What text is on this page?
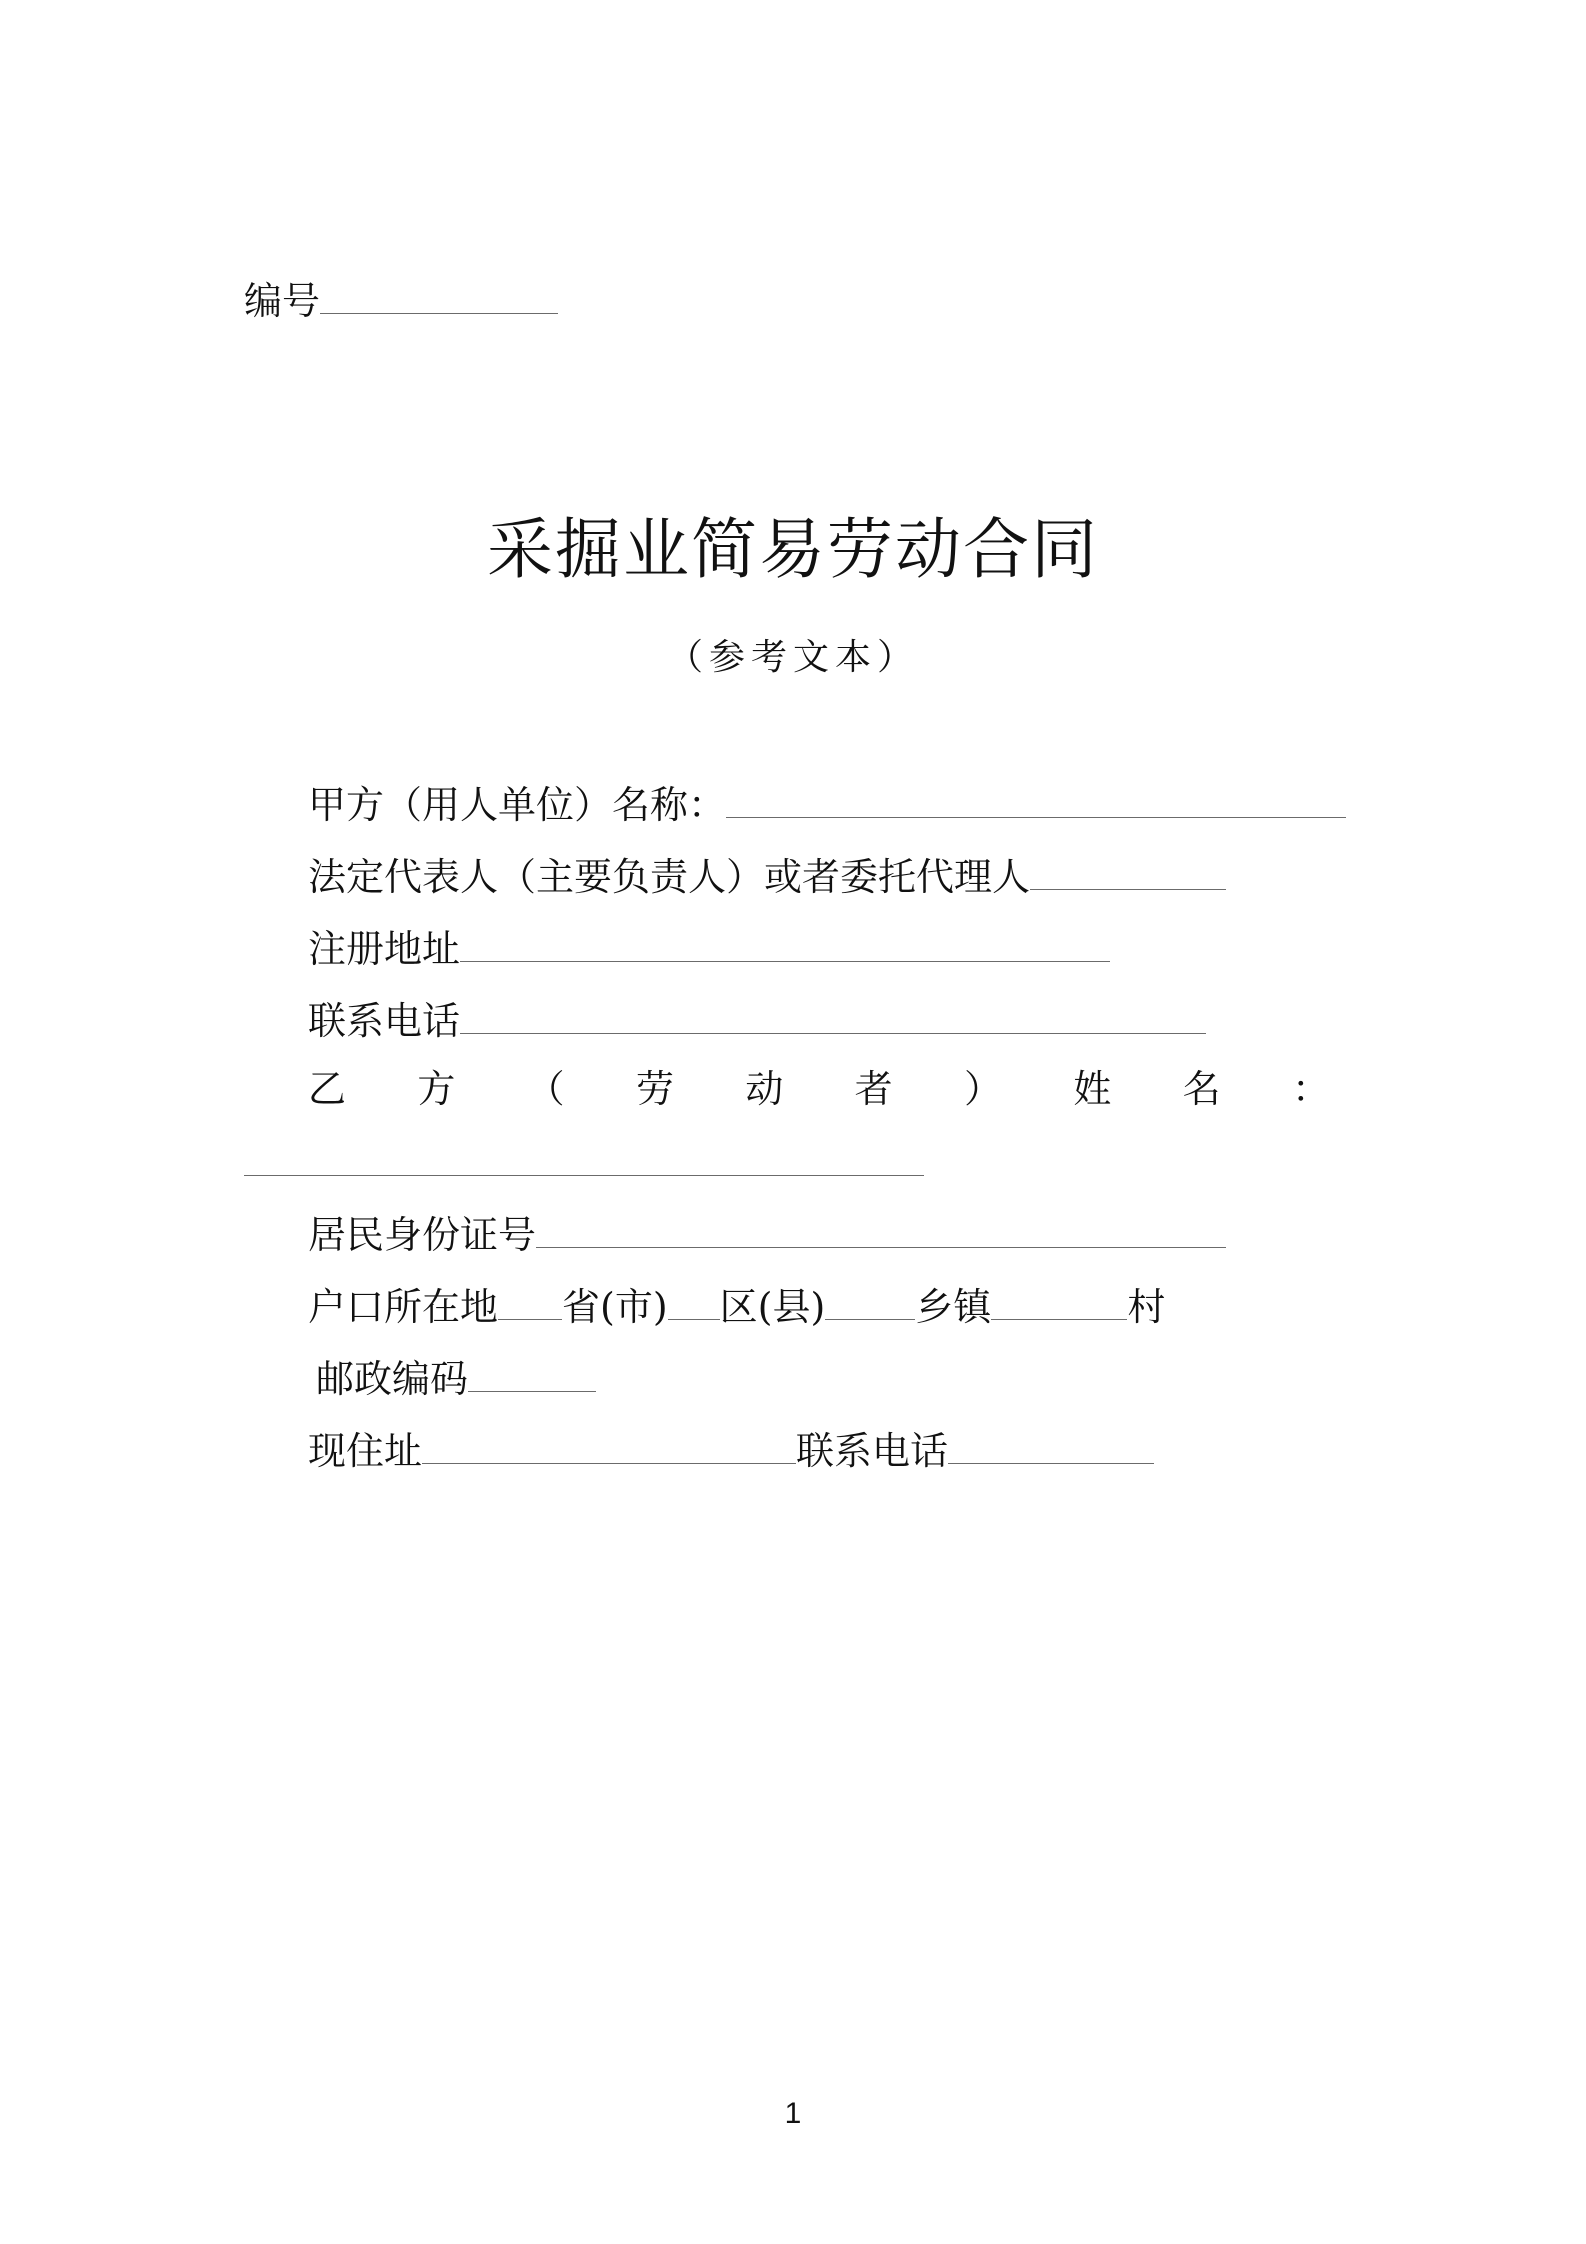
编号
采掘业简易劳动合同
（参考文本）
甲方（用人单位）名称：
法定代表人（主要负责人）或者委托代理人
注册地址
联系电话
乙 方 （ 劳 动 者 ） 姓 名 ：
居民身份证号
户口所在地 省(市) 区(县) 乡镇	村
邮政编码
现住址	联系电话
1
